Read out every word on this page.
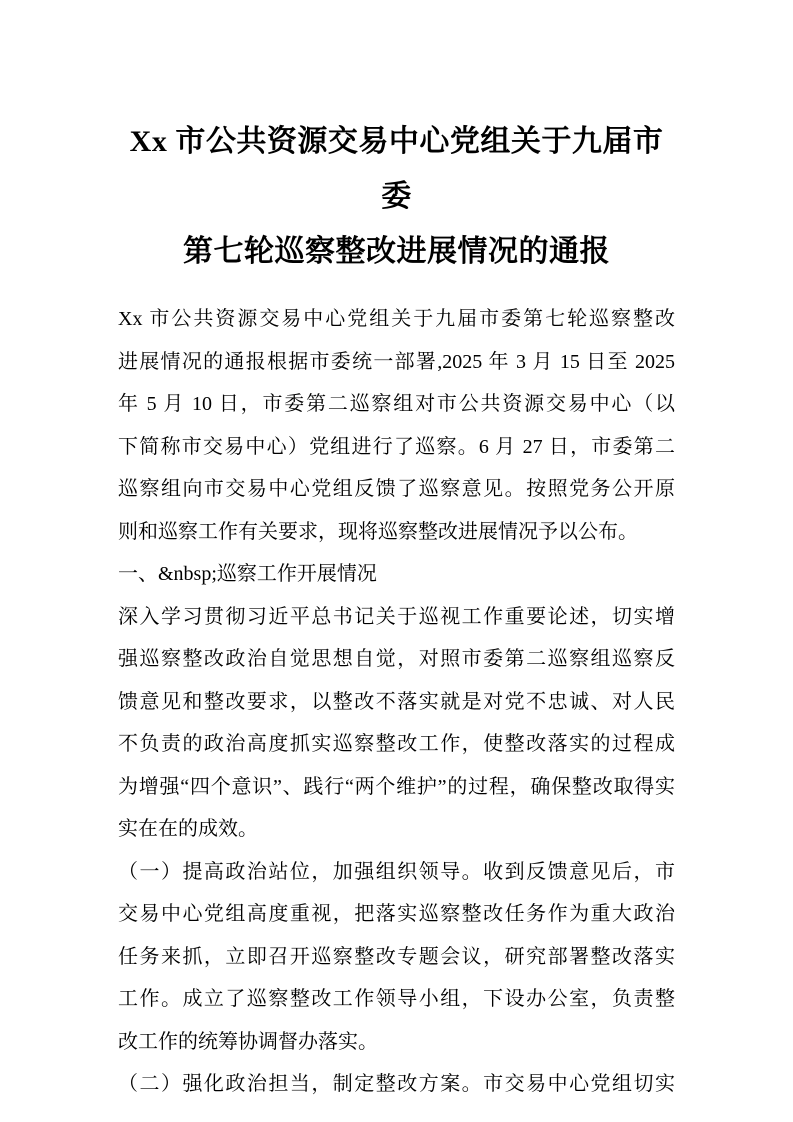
Xx 市公共资源交易中心党组关于九届市委
第七轮巡察整改进展情况的通报
Xx 市公共资源交易中心党组关于九届市委第七轮巡察整改
进展情况的通报根据市委统一部署,2025 年 3 月 15 日至 2025
年 5 月 10 日，市委第二巡察组对市公共资源交易中心（以
下简称市交易中心）党组进行了巡察。6 月 27 日，市委第二
巡察组向市交易中心党组反馈了巡察意见。按照党务公开原
则和巡察工作有关要求，现将巡察整改进展情况予以公布。
一、&nbsp;巡察工作开展情况
深入学习贯彻习近平总书记关于巡视工作重要论述，切实增
强巡察整改政治自觉思想自觉，对照市委第二巡察组巡察反
馈意见和整改要求，以整改不落实就是对党不忠诚、对人民
不负责的政治高度抓实巡察整改工作，使整改落实的过程成
为增强“四个意识”、践行“两个维护”的过程，确保整改取得实
实在在的成效。
（一）提高政治站位，加强组织领导。收到反馈意见后，市
交易中心党组高度重视，把落实巡察整改任务作为重大政治
任务来抓，立即召开巡察整改专题会议，研究部署整改落实
工作。成立了巡察整改工作领导小组，下设办公室，负责整
改工作的统筹协调督办落实。
（二）强化政治担当，制定整改方案。市交易中心党组切实
